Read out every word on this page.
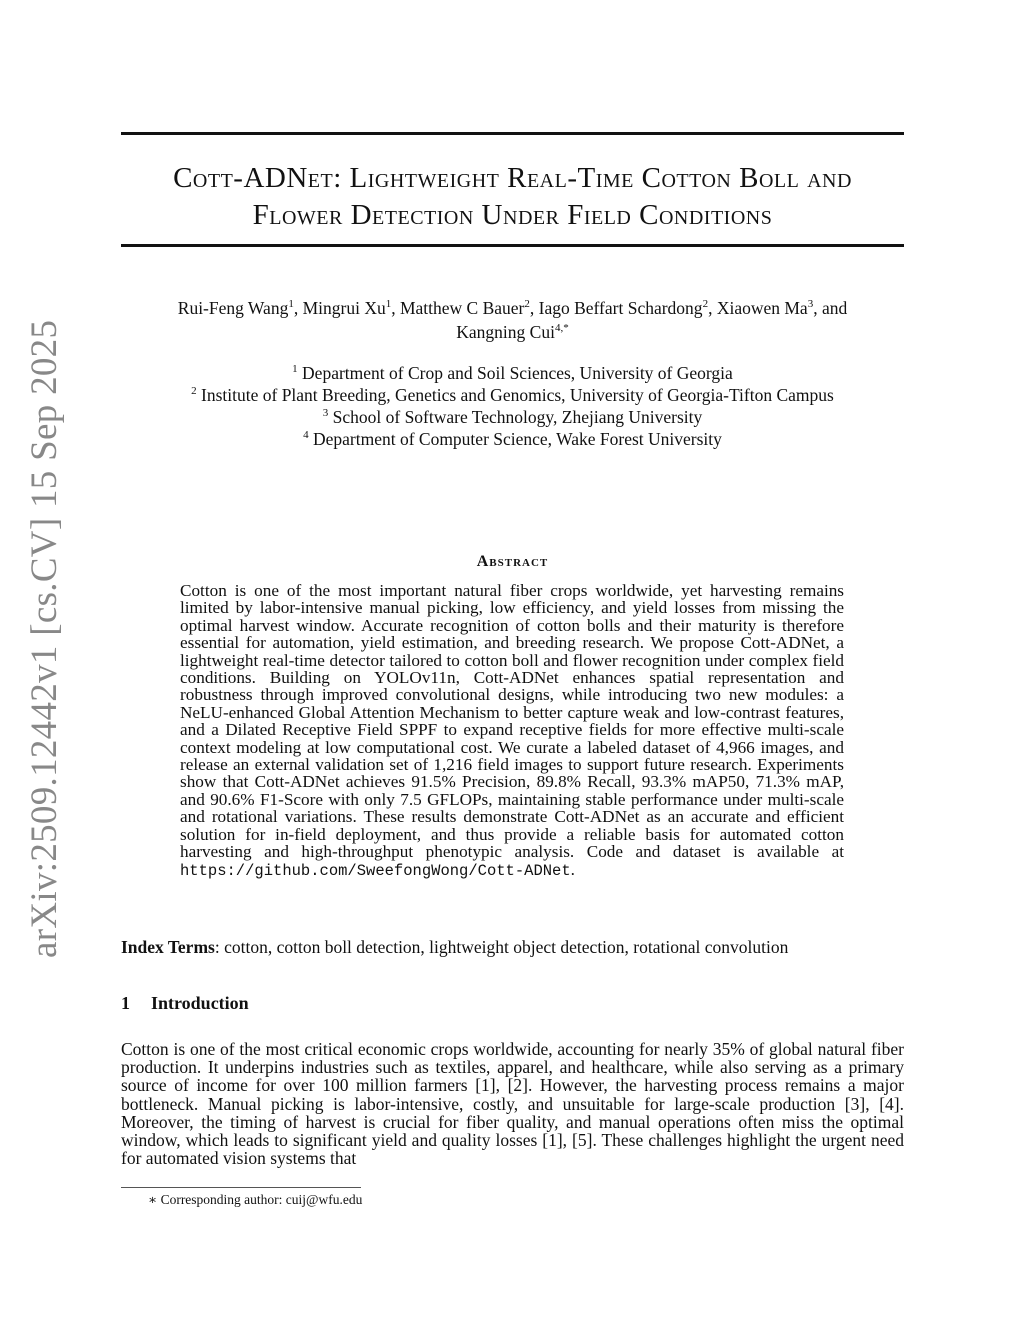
arXiv:2509.12442v1 [cs.CV] 15 Sep 2025
Cott-ADNet: Lightweight Real-Time Cotton Boll and
Flower Detection Under Field Conditions
Rui-Feng Wang$^1$, Mingrui Xu$^1$, Matthew C Bauer$^2$, Iago Beffart Schardong$^2$, Xiaowen Ma$^3$, and
Kangning Cui$^{4,*}$
$^1$ Department of Crop and Soil Sciences, University of Georgia
$^2$ Institute of Plant Breeding, Genetics and Genomics, University of Georgia-Tifton Campus
$^3$ School of Software Technology, Zhejiang University
$^4$ Department of Computer Science, Wake Forest University
Abstract

Cotton is one of the most important natural fiber crops worldwide, yet harvesting remains limited by labor-intensive manual picking, low efficiency, and yield losses from missing the optimal harvest window. Accurate recognition of cotton bolls and their maturity is therefore essential for automation, yield estimation, and breeding research. We propose Cott-ADNet, a lightweight real-time detector tailored to cotton boll and flower recognition under complex field conditions. Building on YOLOv11n, Cott-ADNet enhances spatial representation and robustness through improved convolutional designs, while introducing two new modules: a NeLU-enhanced Global Attention Mechanism to better capture weak and low-contrast features, and a Dilated Receptive Field SPPF to expand receptive fields for more effective multi-scale context modeling at low computational cost. We curate a labeled dataset of 4,966 images, and release an external validation set of 1,216 field images to support future research. Experiments show that Cott-ADNet achieves 91.5% Precision, 89.8% Recall, 93.3% mAP50, 71.3% mAP, and 90.6% F1-Score with only 7.5 GFLOPs, maintaining stable performance under multi-scale and rotational variations. These results demonstrate Cott-ADNet as an accurate and efficient solution for in-field deployment, and thus provide a reliable basis for automated cotton harvesting and high-throughput phenotypic analysis. Code and dataset is available at https://github.com/SweefongWong/Cott-ADNet.

Index Terms: cotton, cotton boll detection, lightweight object detection, rotational convolution
1 Introduction

Cotton is one of the most critical economic crops worldwide, accounting for nearly 35% of global natural fiber production. It underpins industries such as textiles, apparel, and healthcare, while also serving as a primary source of income for over 100 million farmers [1], [2]. However, the harvesting process remains a major bottleneck. Manual picking is labor-intensive, costly, and unsuitable for large-scale production [3], [4]. Moreover, the timing of harvest is crucial for fiber quality, and manual operations often miss the optimal window, which leads to significant yield and quality losses [1], [5]. These challenges highlight the urgent need for automated vision systems that

∗ Corresponding author: cuij@wfu.edu
